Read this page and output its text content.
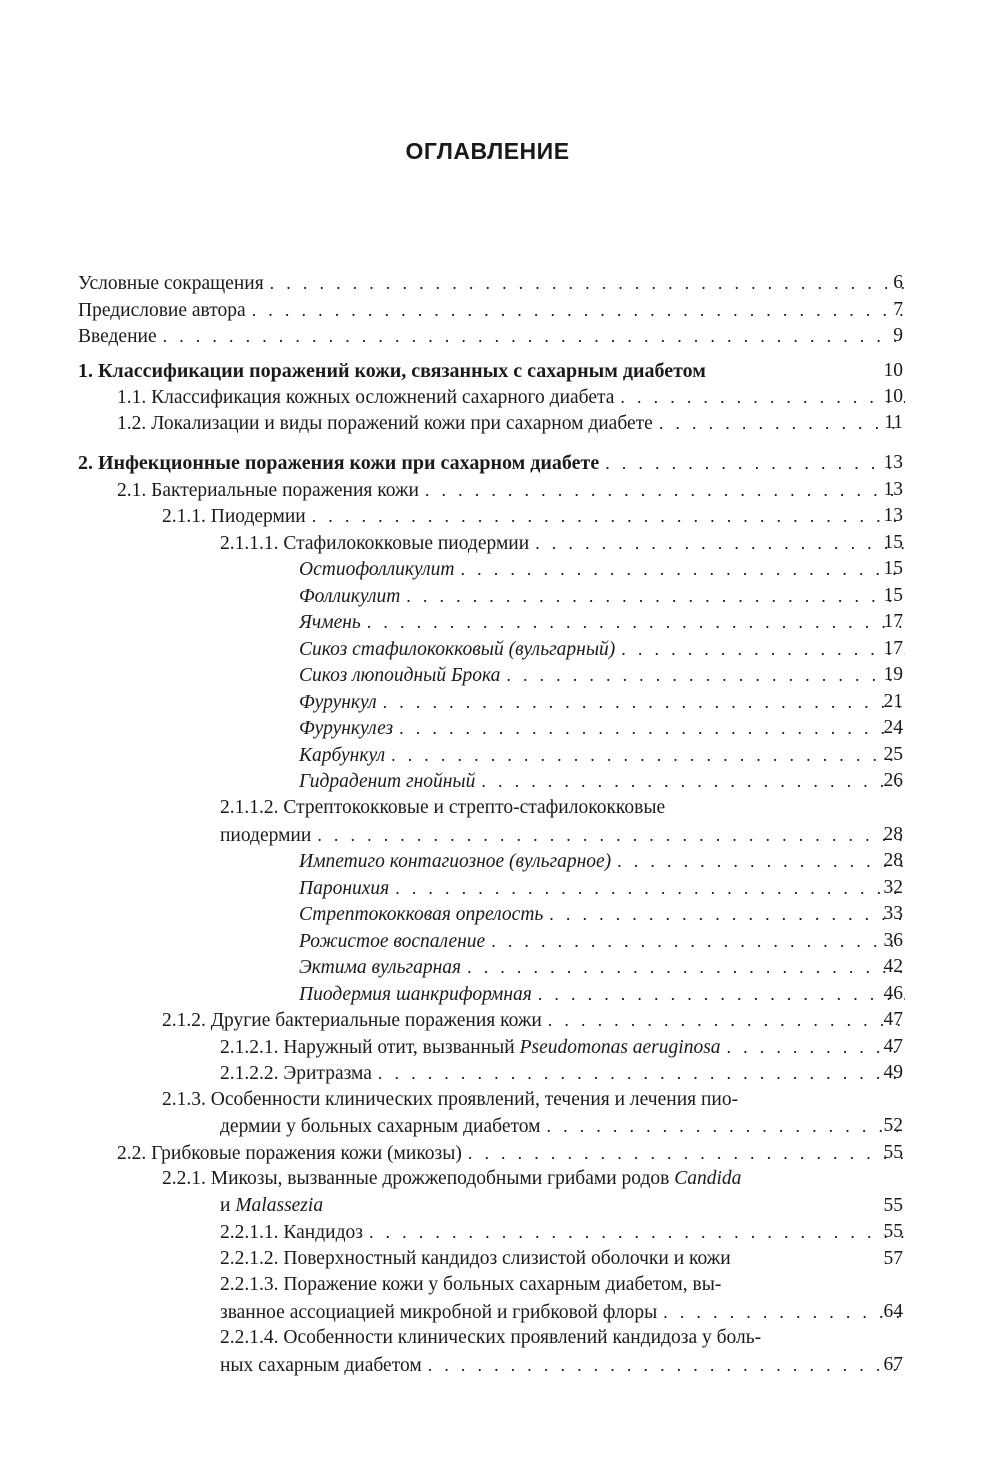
ОГЛАВЛЕНИЕ
Условные сокращения . . .	6
Предисловие автора . . .	7
Введение . . .	9
1. Классификации поражений кожи, связанных с сахарным диабетом	10
1.1. Классификация кожных осложнений сахарного диабета . . .	10
1.2. Локализации и виды поражений кожи при сахарном диабете . . .	11
2. Инфекционные поражения кожи при сахарном диабете . . .	13
2.1. Бактериальные поражения кожи . . .	13
2.1.1. Пиодермии . . .	13
2.1.1.1. Стафилококковые пиодермии . . .	15
Остиофолликулит . . .	15
Фолликулит . . .	15
Ячмень . . .	17
Сикоз стафилококковый (вульгарный) . . .	17
Сикоз люпоидный Брока . . .	19
Фурункул . . .	21
Фурункулез . . .	24
Карбункул . . .	25
Гидраденит гнойный . . .	26
2.1.1.2. Стрептококковые и стрепто-стафилококковые
пиодермии . . .	28
Импетиго контагиозное (вульгарное) . . .	28
Паронихия . . .	32
Стрептококковая опрелость . . .	33
Рожистое воспаление . . .	36
Эктима вульгарная . . .	42
Пиодермия шанкриформная . . .	46
2.1.2. Другие бактериальные поражения кожи . . .	47
2.1.2.1. Наружный отит, вызванный Pseudomonas aeruginosa . . .	47
2.1.2.2. Эритразма . . .	49
2.1.3. Особенности клинических проявлений, течения и лечения пио-
дермии у больных сахарным диабетом . . .	52
2.2. Грибковые поражения кожи (микозы) . . .	55
2.2.1. Микозы, вызванные дрожжеподобными грибами родов Candida
и Malassezia	55
2.2.1.1. Кандидоз . . .	55
2.2.1.2. Поверхностный кандидоз слизистой оболочки и кожи	57
2.2.1.3. Поражение кожи у больных сахарным диабетом, вы-
званное ассоциацией микробной и грибковой флоры . . .	64
2.2.1.4. Особенности клинических проявлений кандидоза у боль-
ных сахарным диабетом . . .	67
